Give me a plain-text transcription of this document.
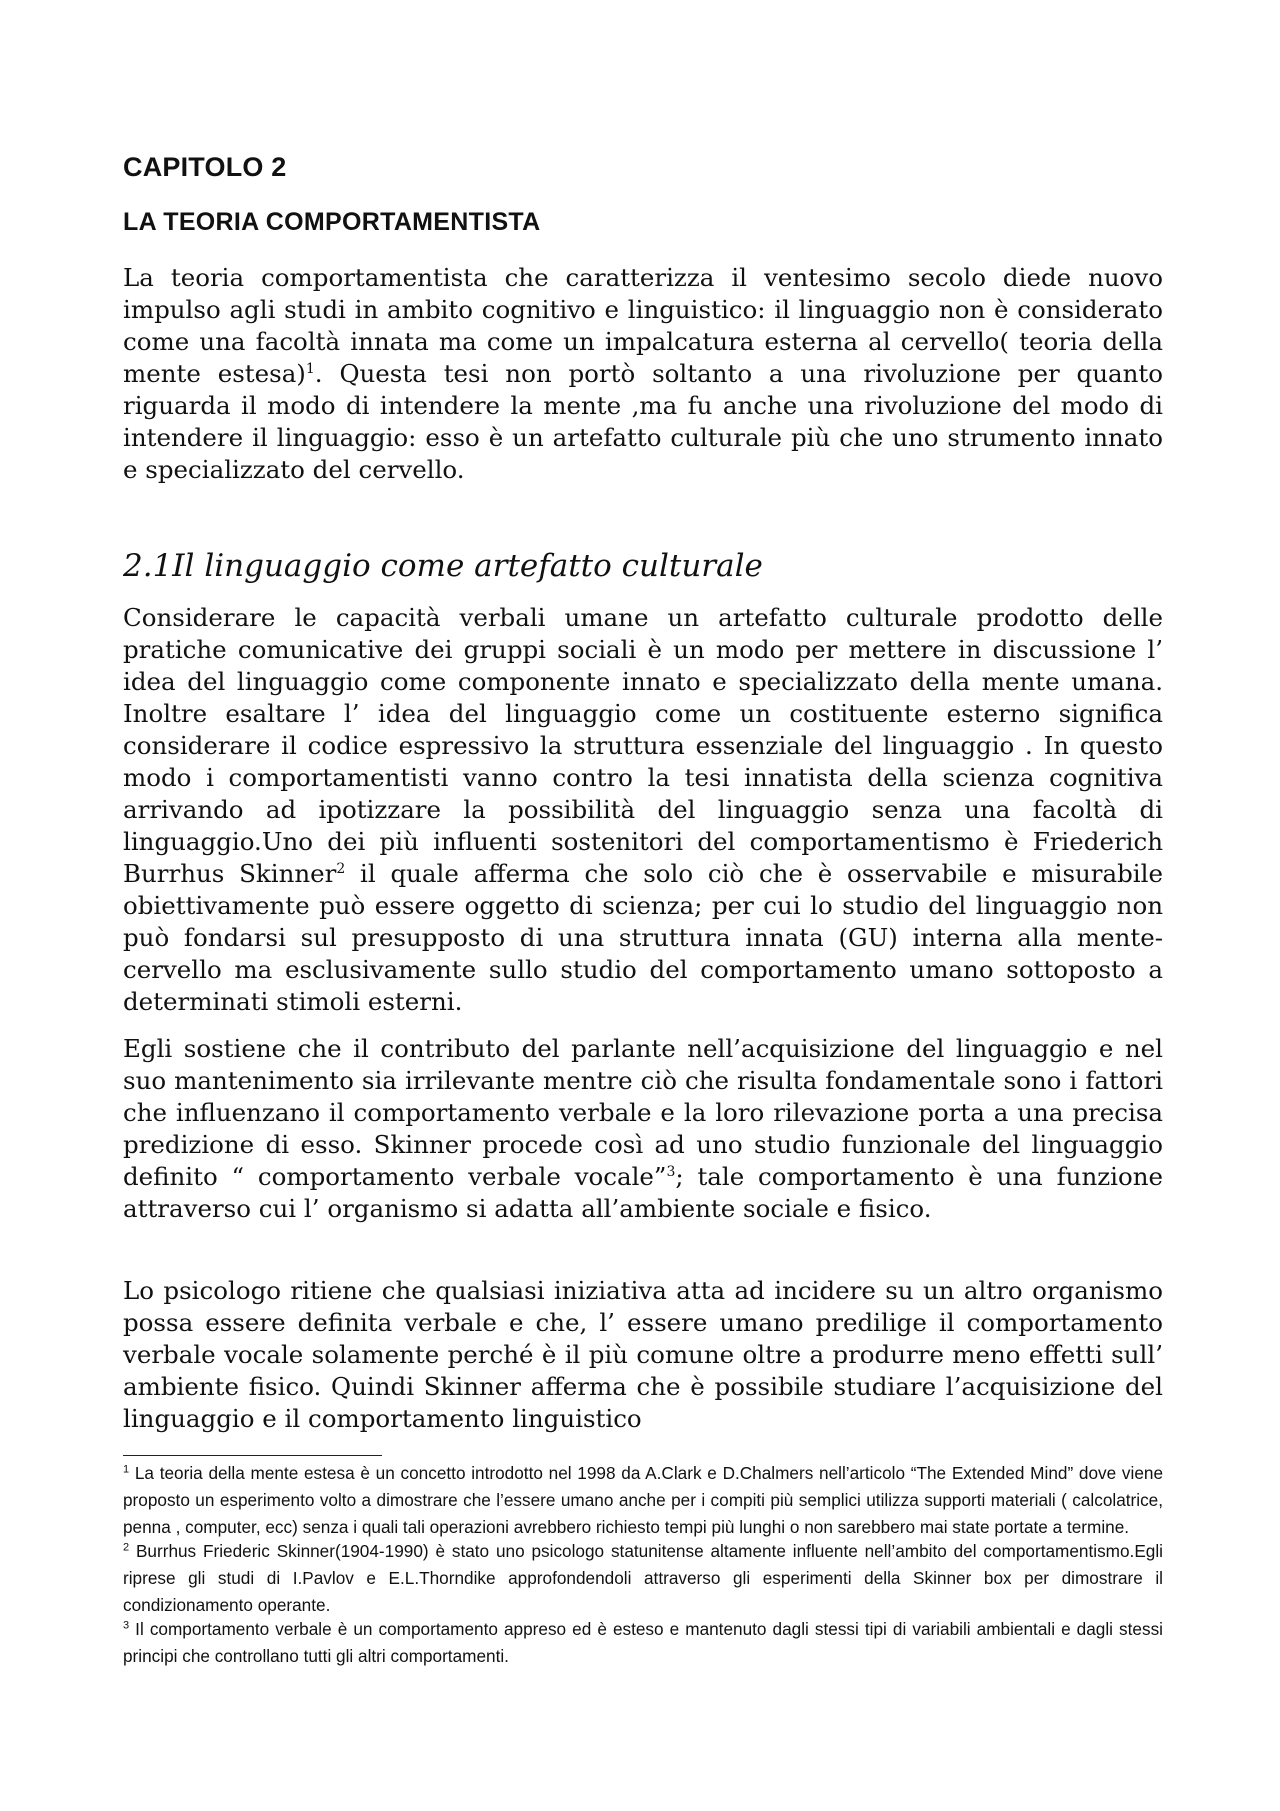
CAPITOLO 2
LA TEORIA COMPORTAMENTISTA

La teoria comportamentista che caratterizza il ventesimo secolo diede nuovo impulso agli studi in ambito cognitivo e linguistico: il linguaggio non è considerato come una facoltà innata ma come un impalcatura esterna al cervello( teoria della mente estesa)$^1$. Questa tesi non portò soltanto a una rivoluzione per quanto riguarda il modo di intendere la mente ,ma fu anche una rivoluzione del modo di intendere il linguaggio: esso è un artefatto culturale più che uno strumento innato e specializzato del cervello.

2.1Il linguaggio come artefatto culturale

Considerare le capacità verbali umane un artefatto culturale prodotto delle pratiche comunicative dei gruppi sociali è un modo per mettere in discussione l’ idea del linguaggio come componente innato e specializzato della mente umana. Inoltre esaltare l’ idea del linguaggio come un costituente esterno significa considerare il codice espressivo la struttura essenziale del linguaggio . In questo modo i comportamentisti vanno contro la tesi innatista della scienza cognitiva arrivando ad ipotizzare la possibilità del linguaggio senza una facoltà di linguaggio.Uno dei più influenti sostenitori del comportamentismo è Friederich Burrhus Skinner$^2$ il quale afferma che solo ciò che è osservabile e misurabile obiettivamente può essere oggetto di scienza; per cui lo studio del linguaggio non può fondarsi sul presupposto di una struttura innata (GU) interna alla mente-cervello ma esclusivamente sullo studio del comportamento umano sottoposto a determinati stimoli esterni.

Egli sostiene che il contributo del parlante nell’acquisizione del linguaggio e nel suo mantenimento sia irrilevante mentre ciò che risulta fondamentale sono i fattori che influenzano il comportamento verbale e la loro rilevazione porta a una precisa predizione di esso. Skinner procede così ad uno studio funzionale del linguaggio definito “ comportamento verbale vocale”$^3$; tale comportamento è una funzione attraverso cui l’ organismo si adatta all’ambiente sociale e fisico.

Lo psicologo ritiene che qualsiasi iniziativa atta ad incidere su un altro organismo possa essere definita verbale e che, l’ essere umano predilige il comportamento verbale vocale solamente perché è il più comune oltre a produrre meno effetti sull’ ambiente fisico. Quindi Skinner afferma che è possibile studiare l’acquisizione del linguaggio e il comportamento linguistico

$^1$ La teoria della mente estesa è un concetto introdotto nel 1998 da A.Clark e D.Chalmers nell’articolo “The Extended Mind” dove viene proposto un esperimento volto a dimostrare che l’essere umano anche per i compiti più semplici utilizza supporti materiali ( calcolatrice, penna , computer, ecc) senza i quali tali operazioni avrebbero richiesto tempi più lunghi o non sarebbero mai state portate a termine.

$^2$ Burrhus Friederic Skinner(1904-1990) è stato uno psicologo statunitense altamente influente nell’ambito del comportamentismo.Egli riprese gli studi di I.Pavlov e E.L.Thorndike approfondendoli attraverso gli esperimenti della Skinner box per dimostrare il condizionamento operante.

$^3$ Il comportamento verbale è un comportamento appreso ed è esteso e mantenuto dagli stessi tipi di variabili ambientali e dagli stessi principi che controllano tutti gli altri comportamenti.
